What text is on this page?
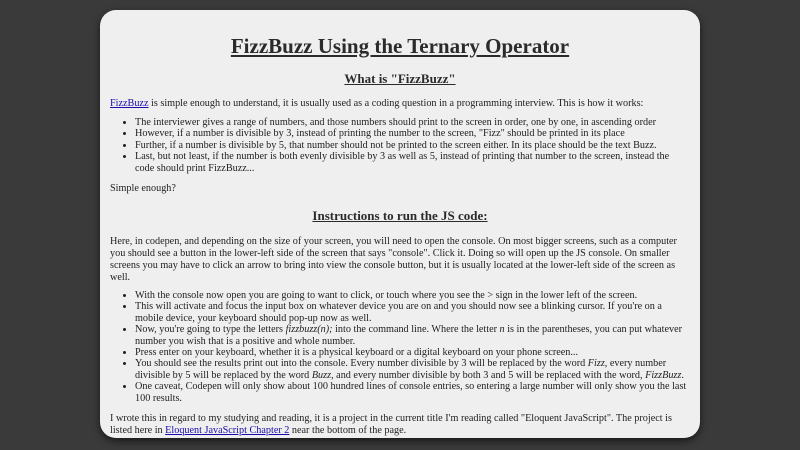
FizzBuzz Using the Ternary Operator
What is "FizzBuzz"

FizzBuzz is simple enough to understand, it is usually used as a coding question in a programming interview. This is how it works:

• The interviewer gives a range of numbers, and those numbers should print to the screen in order, one by one, in ascending order
• However, if a number is divisible by 3, instead of printing the number to the screen, "Fizz" should be printed in its place
• Further, if a number is divisible by 5, that number should not be printed to the screen either. In its place should be the text Buzz.
• Last, but not least, if the number is both evenly divisible by 3 as well as 5, instead of printing that number to the screen, instead the code should print FizzBuzz...

Simple enough?

Instructions to run the JS code:

Here, in codepen, and depending on the size of your screen, you will need to open the console. On most bigger screens, such as a computer you should see a button in the lower-left side of the screen that says "console". Click it. Doing so will open up the JS console. On smaller screens you may have to click an arrow to bring into view the console button, but it is usually located at the lower-left side of the screen as well.

• With the console now open you are going to want to click, or touch where you see the > sign in the lower left of the screen.
• This will activate and focus the input box on whatever device you are on and you should now see a blinking cursor. If you're on a mobile device, your keyboard should pop-up now as well.
• Now, you're going to type the letters fizzbuzz(n); into the command line. Where the letter n is in the parentheses, you can put whatever number you wish that is a positive and whole number.
• Press enter on your keyboard, whether it is a physical keyboard or a digital keyboard on your phone screen...
• You should see the results print out into the console. Every number divisible by 3 will be replaced by the word Fizz, every number divisible by 5 will be replaced by the word Buzz, and every number divisible by both 3 and 5 will be replaced with the word, FizzBuzz.
• One caveat, Codepen will only show about 100 hundred lines of console entries, so entering a large number will only show you the last 100 results.

I wrote this in regard to my studying and reading, it is a project in the current title I'm reading called "Eloquent JavaScript". The project is listed here in Eloquent JavaScript Chapter 2 near the bottom of the page.
